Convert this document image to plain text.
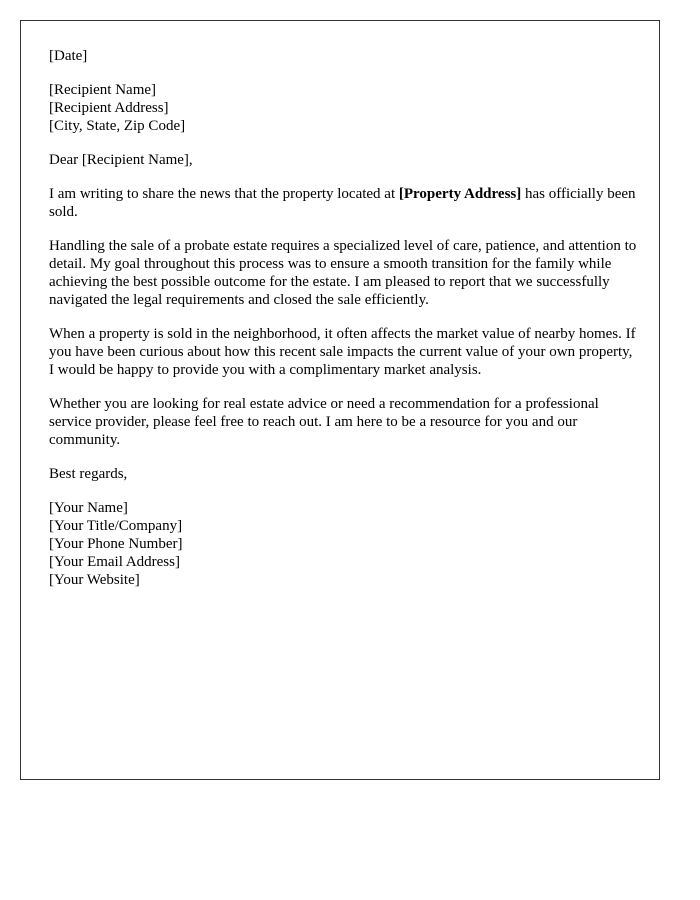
[Date]
[Recipient Name]
[Recipient Address]
[City, State, Zip Code]

Dear [Recipient Name],

I am writing to share the news that the property located at [Property Address] has officially been sold.

Handling the sale of a probate estate requires a specialized level of care, patience, and attention to detail. My goal throughout this process was to ensure a smooth transition for the family while achieving the best possible outcome for the estate. I am pleased to report that we successfully navigated the legal requirements and closed the sale efficiently.

When a property is sold in the neighborhood, it often affects the market value of nearby homes. If you have been curious about how this recent sale impacts the current value of your own property, I would be happy to provide you with a complimentary market analysis.

Whether you are looking for real estate advice or need a recommendation for a professional service provider, please feel free to reach out. I am here to be a resource for you and our community.

Best regards,

[Your Name]
[Your Title/Company]
[Your Phone Number]
[Your Email Address]
[Your Website]
